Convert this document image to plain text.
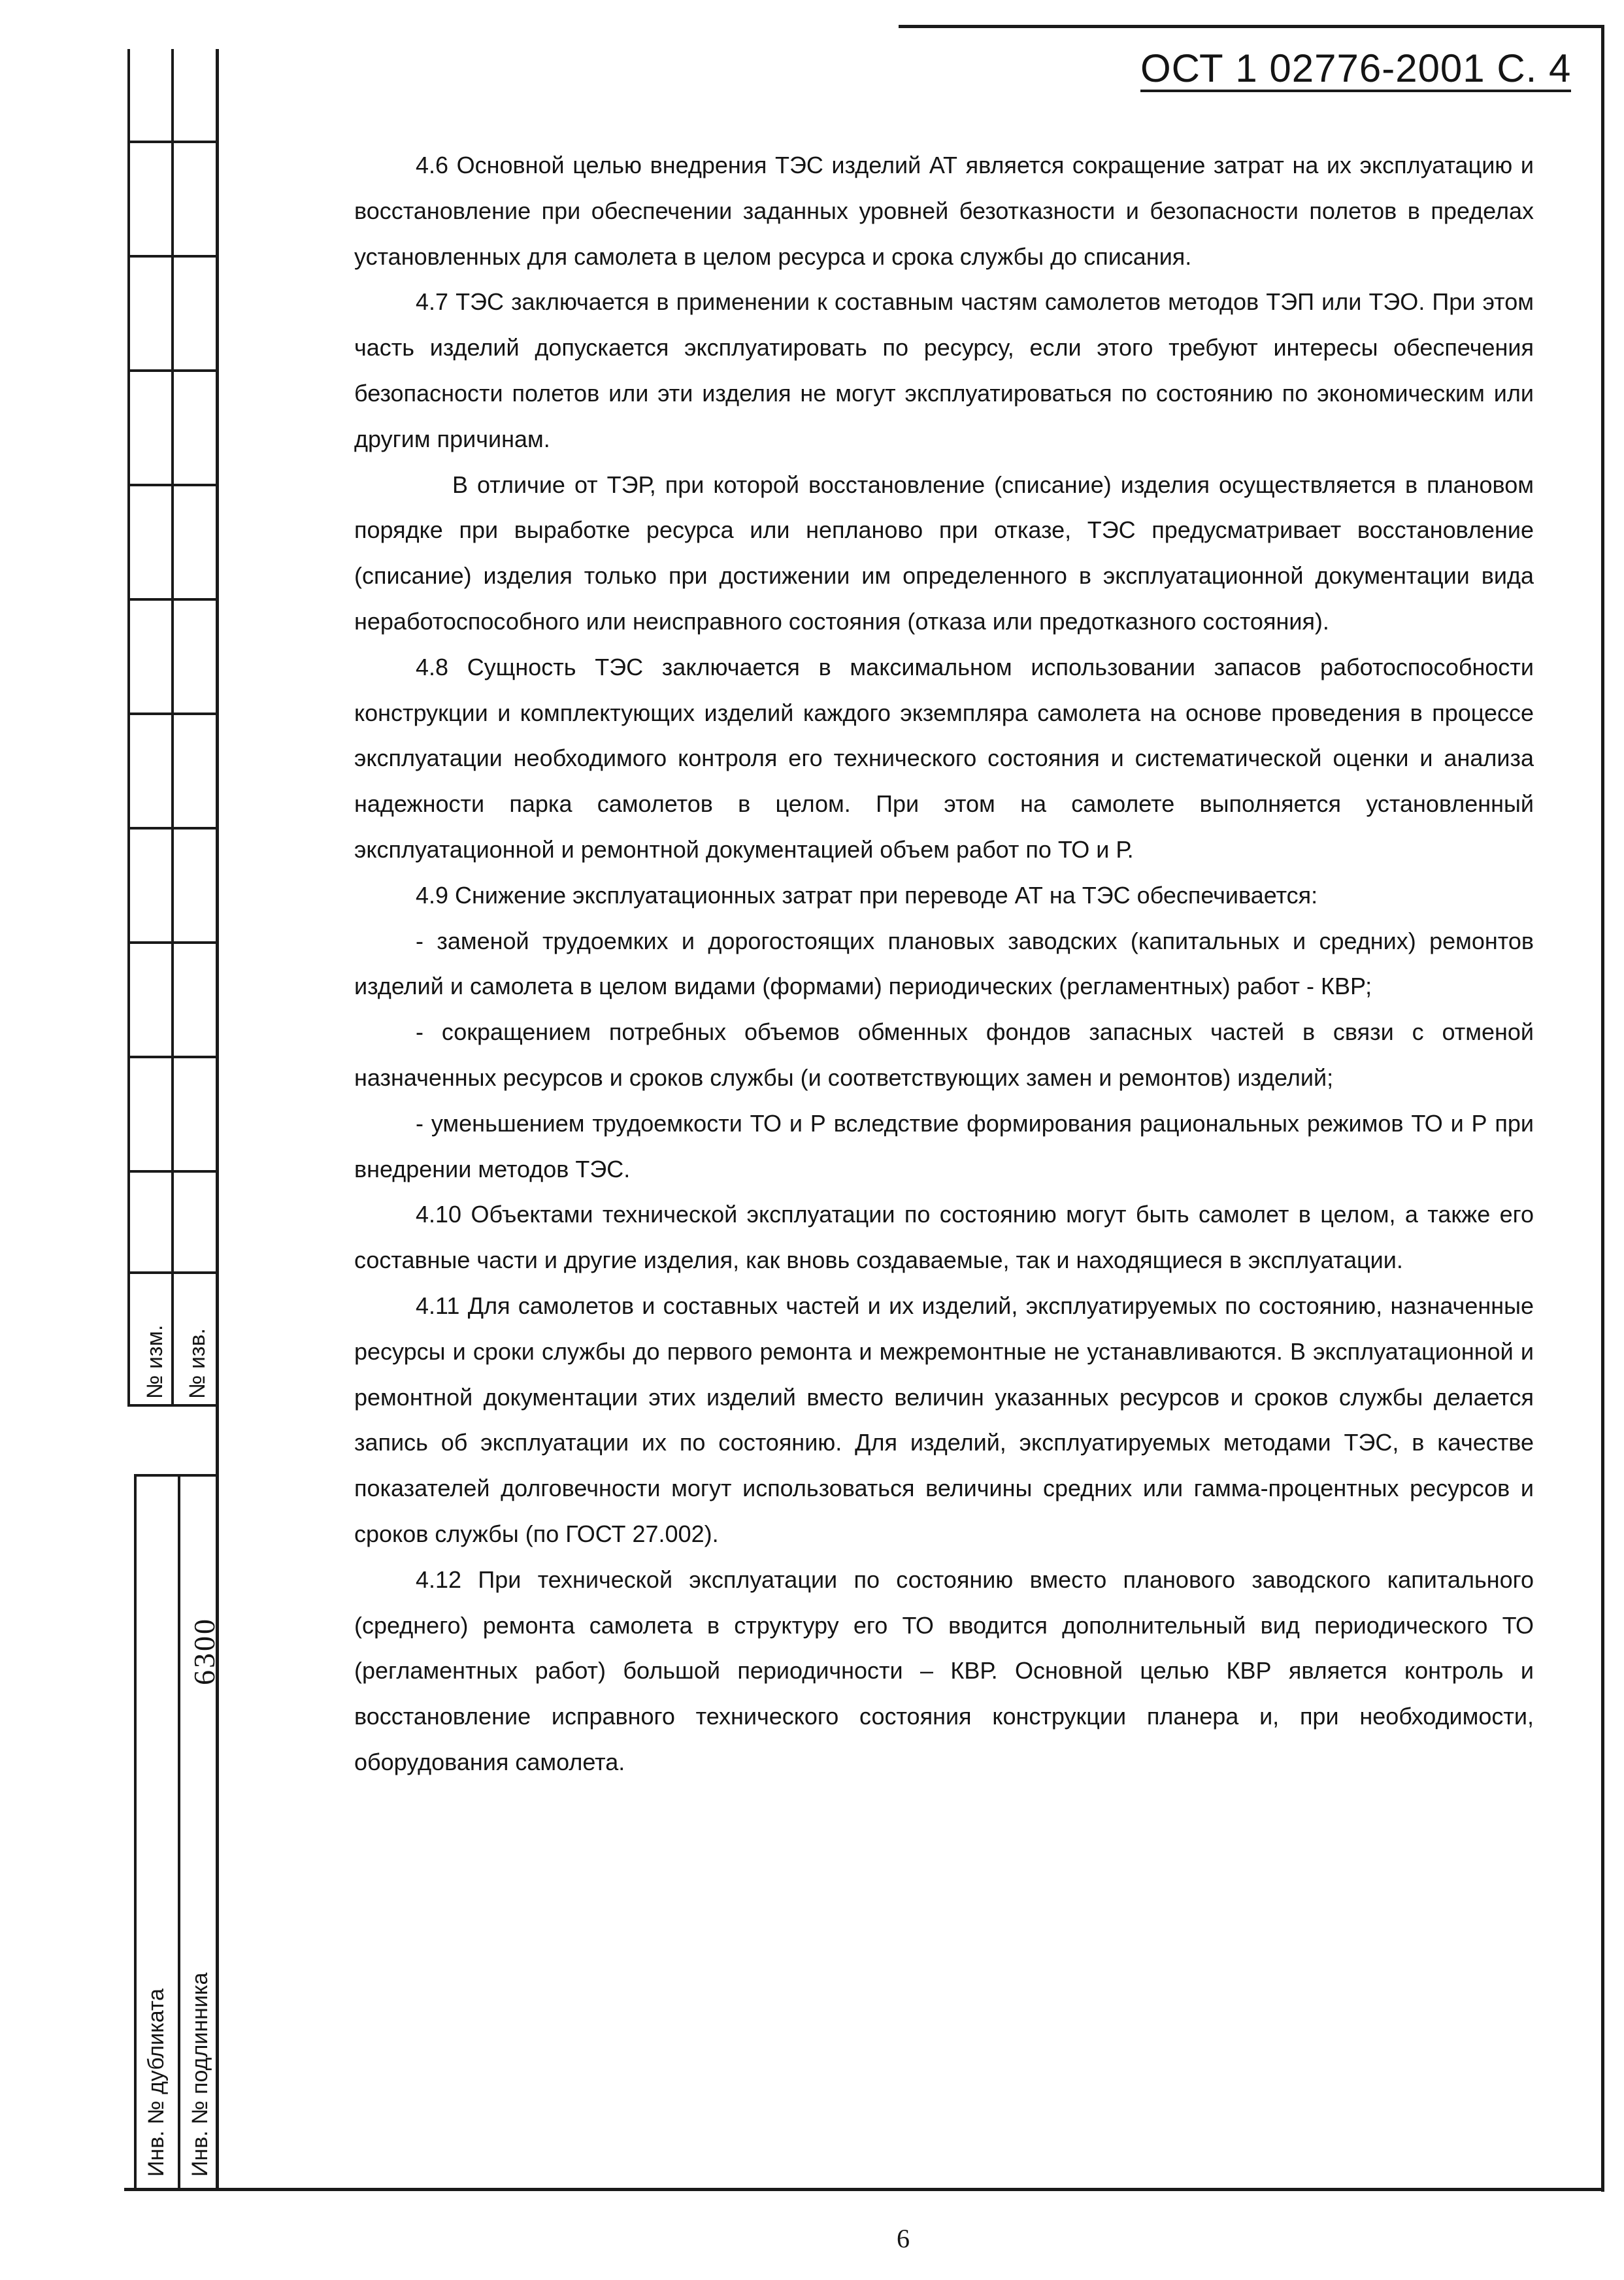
№ изм. № изв.
Инв. № дубликата Инв. № подлинника
6300
ОСТ 1 02776-2001 С. 4

4.6 Основной целью внедрения ТЭС изделий АТ является сокращение затрат на их эксплуатацию и восстановление при обеспечении заданных уровней безотказности и безопасности полетов в пределах установленных для самолета в целом ресурса и срока службы до списания.

4.7 ТЭС заключается в применении к составным частям самолетов методов ТЭП или ТЭО. При этом часть изделий допускается эксплуатировать по ресурсу, если этого требуют интересы обеспечения безопасности полетов или эти изделия не могут эксплуатироваться по состоянию по экономическим или другим причинам.

В отличие от ТЭР, при которой восстановление (списание) изделия осуществляется в плановом порядке при выработке ресурса или непланово при отказе, ТЭС предусматривает восстановление (списание) изделия только при достижении им определенного в эксплуатационной документации вида неработоспособного или неисправного состояния (отказа или предотказного состояния).

4.8 Сущность ТЭС заключается в максимальном использовании запасов работоспособности конструкции и комплектующих изделий каждого экземпляра самолета на основе проведения в процессе эксплуатации необходимого контроля его технического состояния и систематической оценки и анализа надежности парка самолетов в целом. При этом на самолете выполняется установленный эксплуатационной и ремонтной документацией объем работ по ТО и Р.

4.9 Снижение эксплуатационных затрат при переводе АТ на ТЭС обеспечивается:

- заменой трудоемких и дорогостоящих плановых заводских (капитальных и средних) ремонтов изделий и самолета в целом видами (формами) периодических (регламентных) работ - КВР;

- сокращением потребных объемов обменных фондов запасных частей в связи с отменой назначенных ресурсов и сроков службы (и соответствующих замен и ремонтов) изделий;

- уменьшением трудоемкости ТО и Р вследствие формирования рациональных режимов ТО и Р при внедрении методов ТЭС.

4.10 Объектами технической эксплуатации по состоянию могут быть самолет в целом, а также его составные части и другие изделия, как вновь создаваемые, так и находящиеся в эксплуатации.

4.11 Для самолетов и составных частей и их изделий, эксплуатируемых по состоянию, назначенные ресурсы и сроки службы до первого ремонта и межремонтные не устанавливаются. В эксплуатационной и ремонтной документации этих изделий вместо величин указанных ресурсов и сроков службы делается запись об эксплуатации их по состоянию. Для изделий, эксплуатируемых методами ТЭС, в качестве показателей долговечности могут использоваться величины средних или гамма-процентных ресурсов и сроков службы (по ГОСТ 27.002).

4.12 При технической эксплуатации по состоянию вместо планового заводского капитального (среднего) ремонта самолета в структуру его ТО вводится дополнительный вид периодического ТО (регламентных работ) большой периодичности – КВР. Основной целью КВР является контроль и восстановление исправного технического состояния конструкции планера и, при необходимости, оборудования самолета.

6
